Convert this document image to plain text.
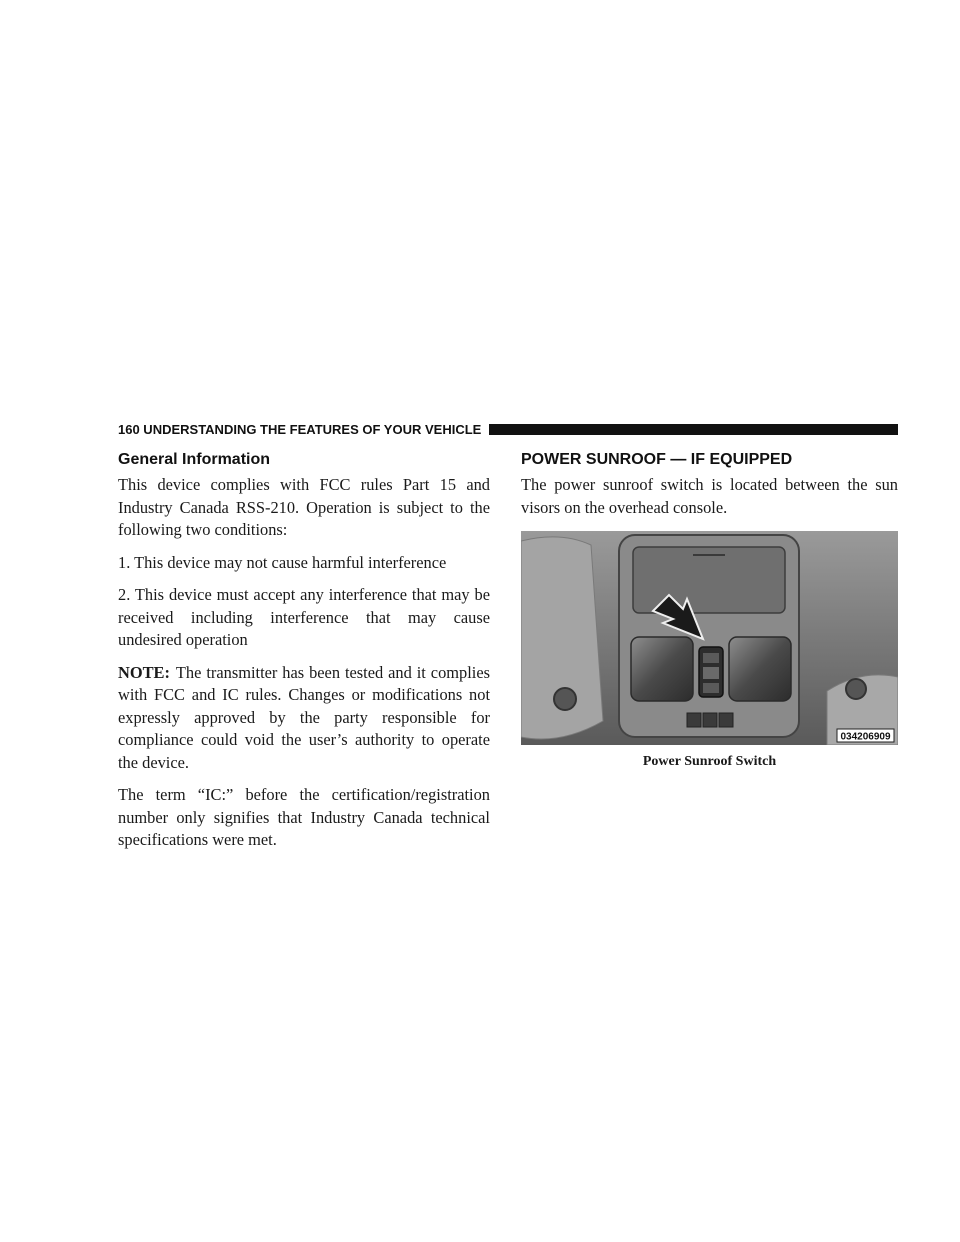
160 UNDERSTANDING THE FEATURES OF YOUR VEHICLE
General Information

This device complies with FCC rules Part 15 and Industry Canada RSS-210. Operation is subject to the following two conditions:

1. This device may not cause harmful interference

2. This device must accept any interference that may be received including interference that may cause undesired operation

NOTE: The transmitter has been tested and it complies with FCC and IC rules. Changes or modifications not expressly approved by the party responsible for compliance could void the user’s authority to operate the device.

The term “IC:” before the certification/registration number only signifies that Industry Canada technical specifications were met.

POWER SUNROOF — IF EQUIPPED

The power sunroof switch is located between the sun visors on the overhead console.

034206909
Power Sunroof Switch
